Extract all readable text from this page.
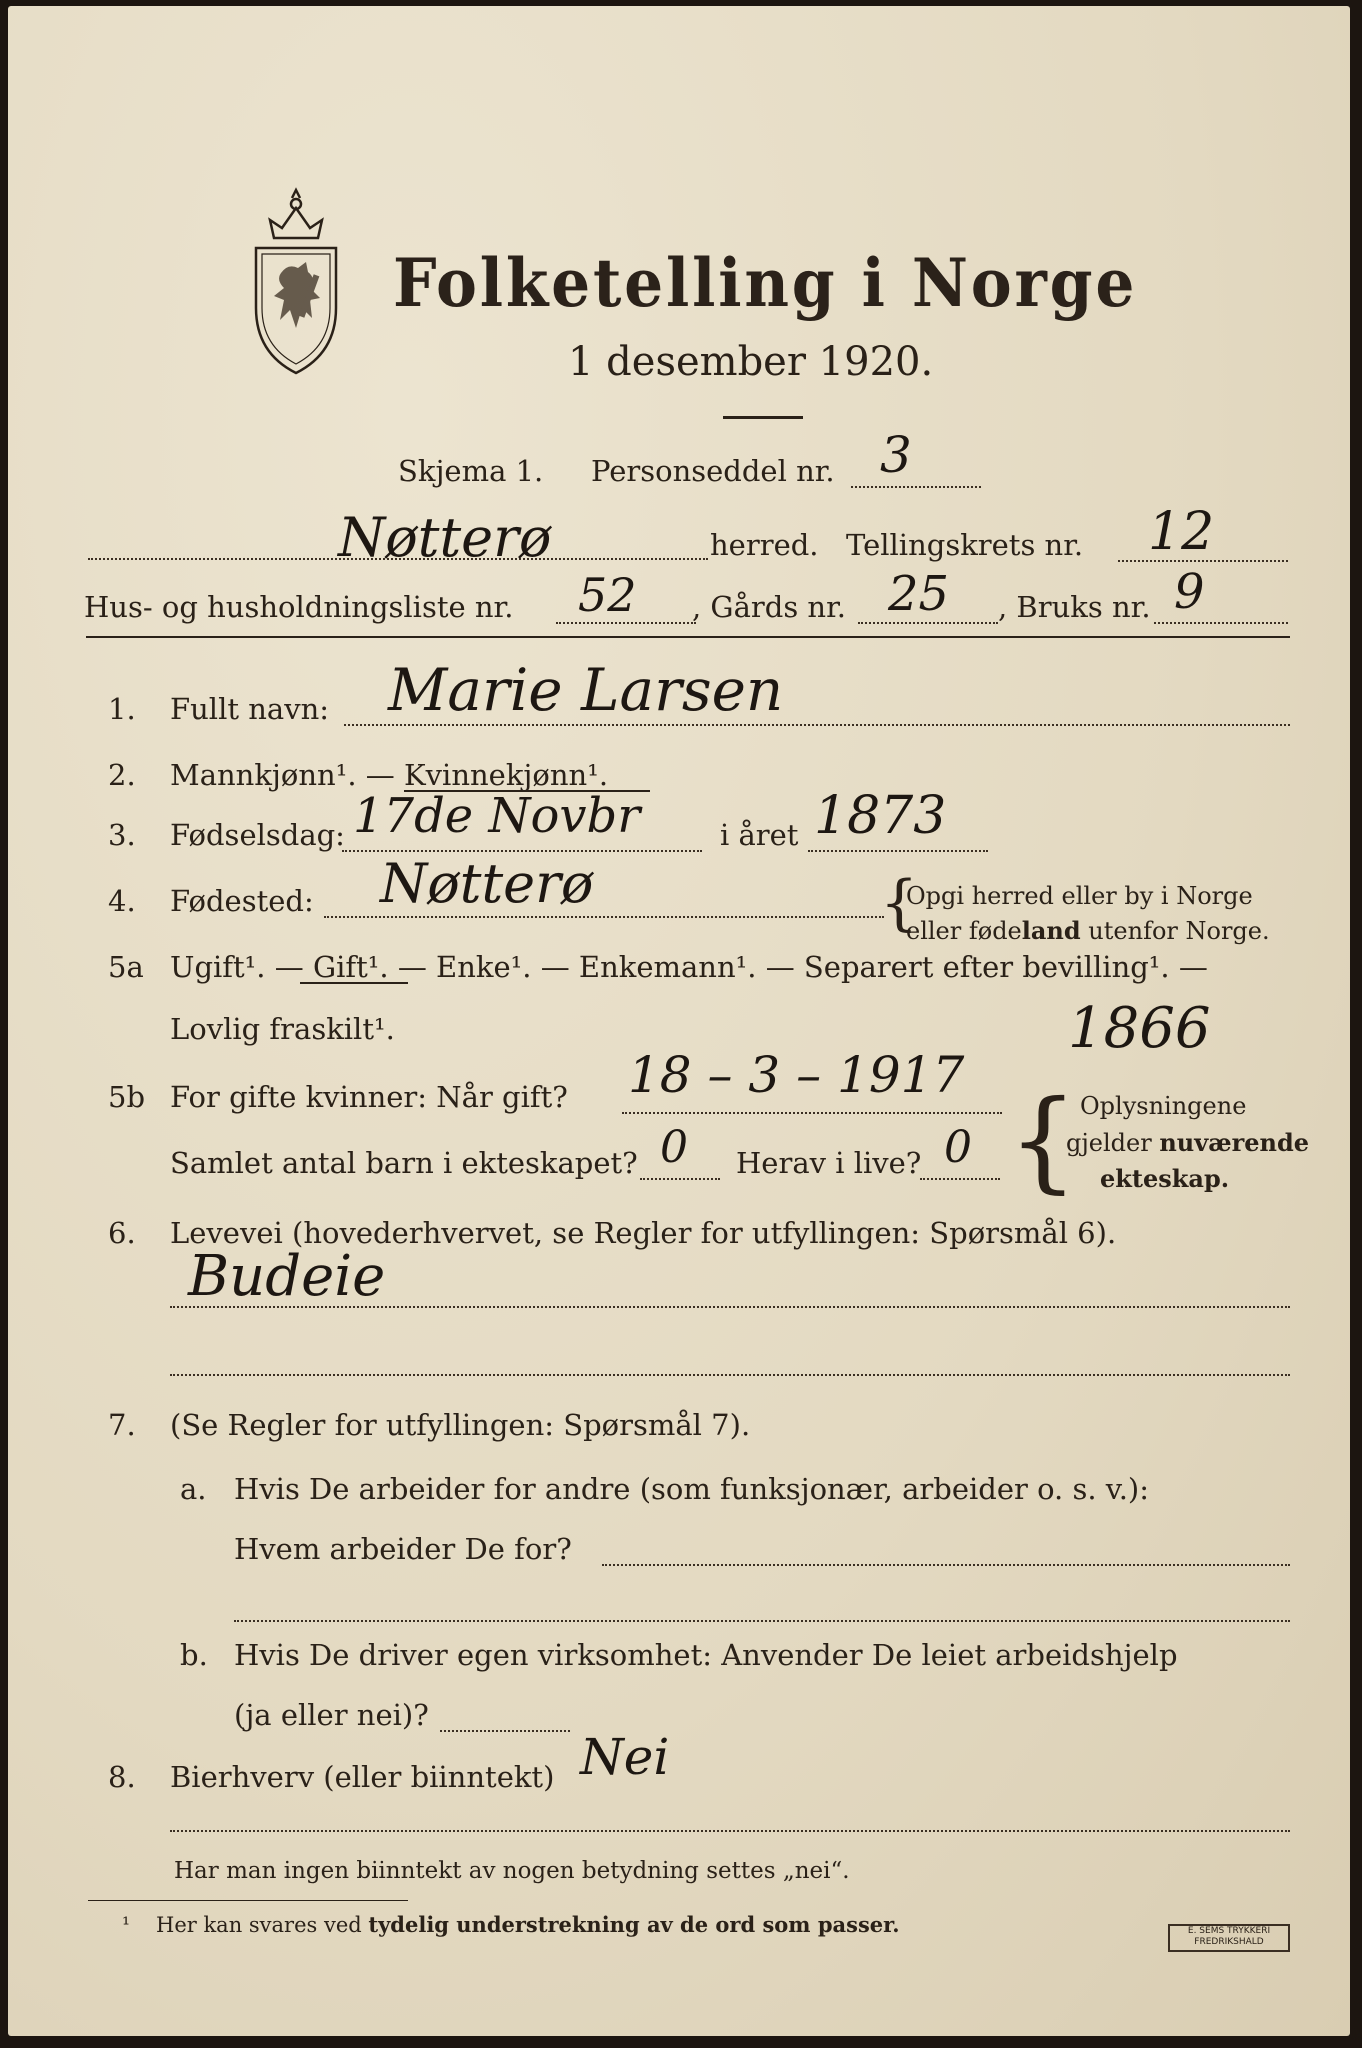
Folketelling i Norge
1 desember 1920.
Skjema 1. Personseddel nr. 3
Nøtterø	herred. Tellingskrets nr. 12
Hus- og husholdningsliste nr. 52 , Gårds nr. 25 , Bruks nr. 9
1. Fullt navn: Marie Larsen
2. Mannkjønn¹. — Kvinnekjønn¹.
3. Fødselsdag: 17de Novbr	i året 1873
4. Fødested: Nøtterø	{
Opgi herred eller by i Norge
eller fødeland utenfor Norge.
5a Ugift¹. — Gift¹. — Enke¹. — Enkemann¹. — Separert efter bevilling¹. —
Lovlig fraskilt¹.	1866
5b For gifte kvinner: Når gift? 18 – 3 – 1917
Samlet antal barn i ekteskapet? 0 Herav i live? 0 { Oplysningene
gjelder nuværende
ekteskap.
6. Levevei (hovederhvervet, se Regler for utfyllingen: Spørsmål 6).
Budeie
7. (Se Regler for utfyllingen: Spørsmål 7).
a. Hvis De arbeider for andre (som funksjonær, arbeider o. s. v.):
Hvem arbeider De for?
b. Hvis De driver egen virksomhet: Anvender De leiet arbeidshjelp
(ja eller nei)?
8. Bierhverv (eller biinntekt) Nei
Har man ingen biinntekt av nogen betydning settes „nei“.
¹ Her kan svares ved tydelig understrekning av de ord som passer.	E. SEMS TRYKKERI
FREDRIKSHALD
